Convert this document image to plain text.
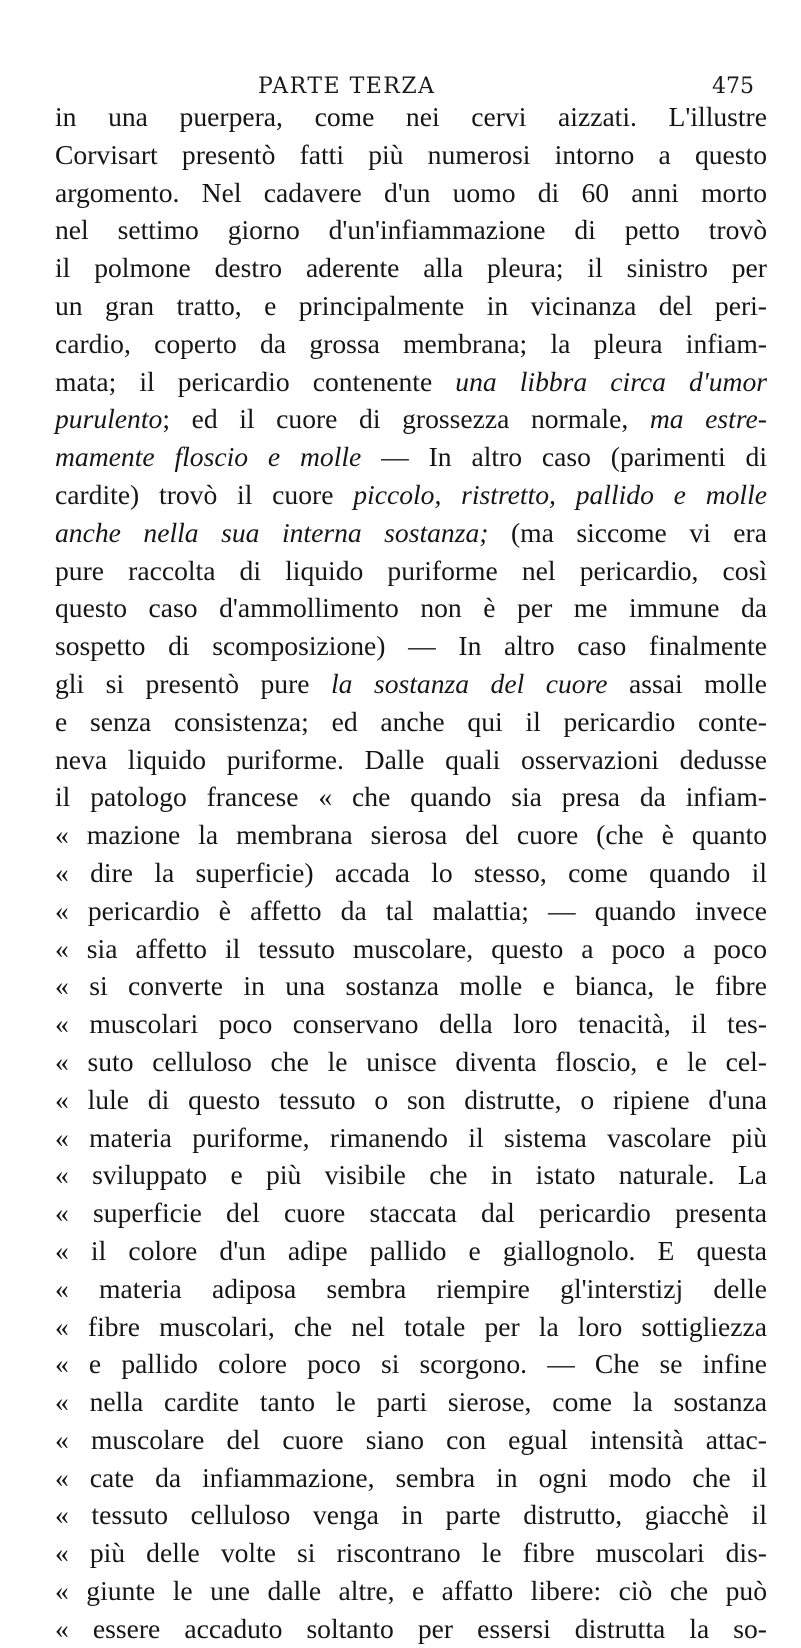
PARTE TERZA	475
in una puerpera, come nei cervi aizzati. L'illustre
Corvisart presentò fatti più numerosi intorno a questo
argomento. Nel cadavere d'un uomo di 60 anni morto
nel settimo giorno d'un'infiammazione di petto trovò
il polmone destro aderente alla pleura; il sinistro per
un gran tratto, e principalmente in vicinanza del peri-
cardio, coperto da grossa membrana; la pleura infiam-
mata; il pericardio contenente una libbra circa d'umor
purulento; ed il cuore di grossezza normale, ma estre-
mamente floscio e molle — In altro caso (parimenti di
cardite) trovò il cuore piccolo, ristretto, pallido e molle
anche nella sua interna sostanza; (ma siccome vi era
pure raccolta di liquido puriforme nel pericardio, così
questo caso d'ammollimento non è per me immune da
sospetto di scomposizione) — In altro caso finalmente
gli si presentò pure la sostanza del cuore assai molle
e senza consistenza; ed anche qui il pericardio conte-
neva liquido puriforme. Dalle quali osservazioni dedusse
il patologo francese « che quando sia presa da infiam-
« mazione la membrana sierosa del cuore (che è quanto
« dire la superficie) accada lo stesso, come quando il
« pericardio è affetto da tal malattia; — quando invece
« sia affetto il tessuto muscolare, questo a poco a poco
« si converte in una sostanza molle e bianca, le fibre
« muscolari poco conservano della loro tenacità, il tes-
« suto celluloso che le unisce diventa floscio, e le cel-
« lule di questo tessuto o son distrutte, o ripiene d'una
« materia puriforme, rimanendo il sistema vascolare più
« sviluppato e più visibile che in istato naturale. La
« superficie del cuore staccata dal pericardio presenta
« il colore d'un adipe pallido e giallognolo. E questa
« materia adiposa sembra riempire gl'interstizj delle
« fibre muscolari, che nel totale per la loro sottigliezza
« e pallido colore poco si scorgono. — Che se infine
« nella cardite tanto le parti sierose, come la sostanza
« muscolare del cuore siano con egual intensità attac-
« cate da infiammazione, sembra in ogni modo che il
« tessuto celluloso venga in parte distrutto, giacchè il
« più delle volte si riscontrano le fibre muscolari dis-
« giunte le une dalle altre, e affatto libere: ciò che può
« essere accaduto soltanto per essersi distrutta la so-
